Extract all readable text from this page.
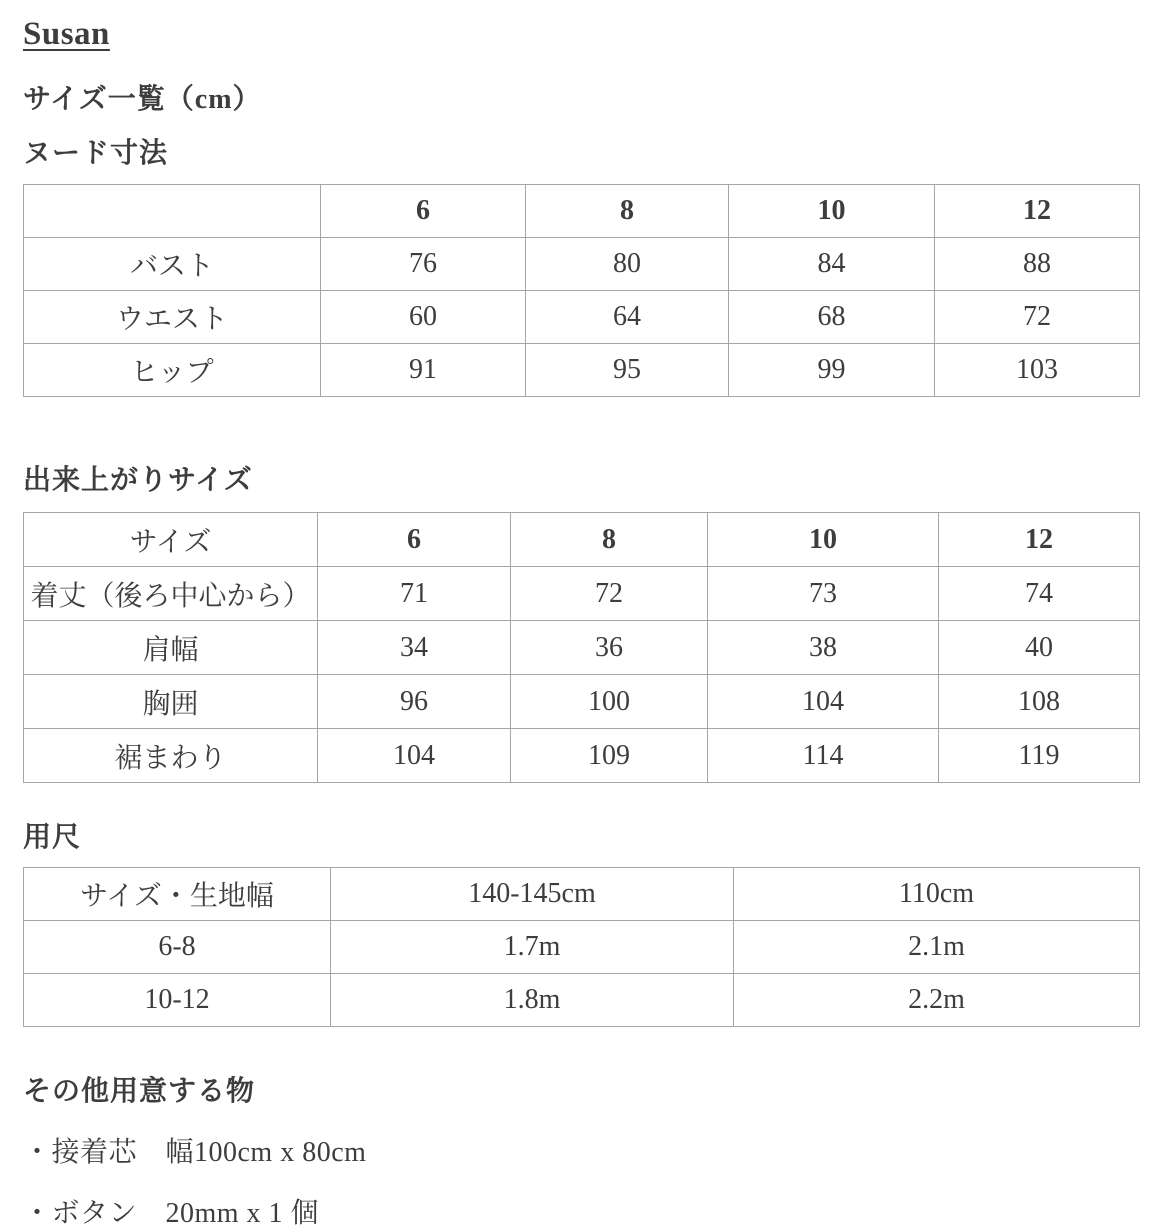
Susan
サイズ一覧（cm）
ヌード寸法
	6	8	10	12
バスト	76	80	84	88
ウエスト	60	64	68	72
ヒップ	91	95	99	103
出来上がりサイズ
サイズ	6	8	10	12
着丈（後ろ中心から）	71	72	73	74
肩幅	34	36	38	40
胸囲	96	100	104	108
裾まわり	104	109	114	119
用尺
サイズ・生地幅	140-145cm	110cm
6-8	1.7m	2.1m
10-12	1.8m	2.2m
その他用意する物
・接着芯　幅100cm x 80cm
・ボタン　20mm x 1 個
